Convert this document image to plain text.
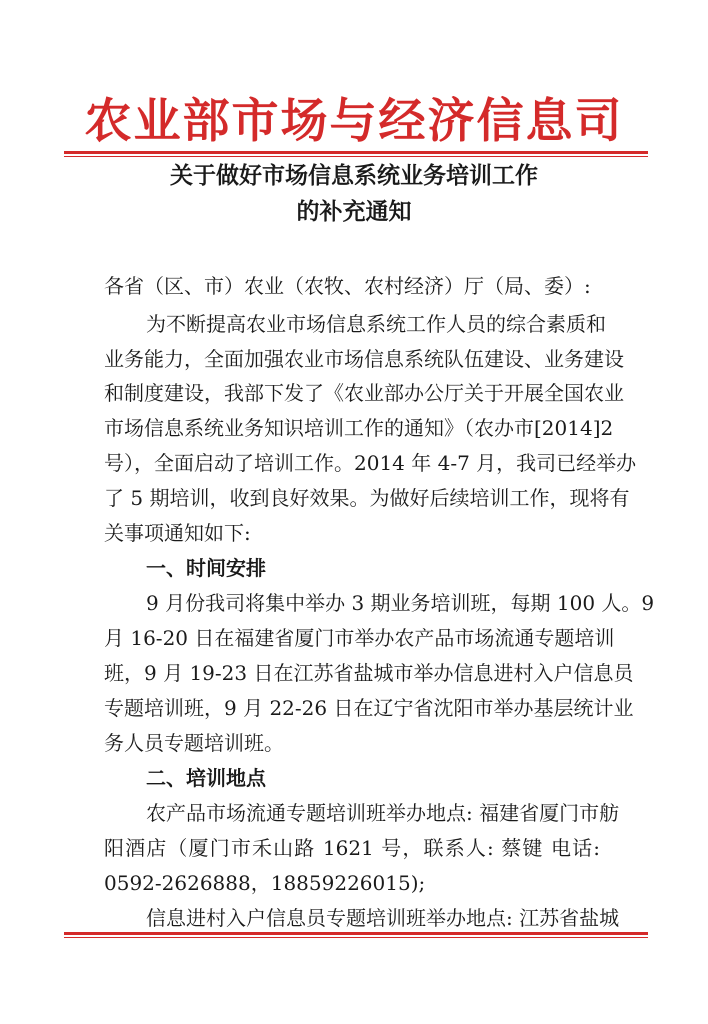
农业部市场与经济信息司
关于做好市场信息系统业务培训工作
的补充通知
各省（区、市）农业（农牧、农村经济）厅（局、委）:
为不断提高农业市场信息系统工作人员的综合素质和
业务能力，全面加强农业市场信息系统队伍建设、业务建设
和制度建设，我部下发了《农业部办公厅关于开展全国农业
市场信息系统业务知识培训工作的通知》（农办市[2014]2
号），全面启动了培训工作。2014 年 4-7 月，我司已经举办
了 5 期培训，收到良好效果。为做好后续培训工作，现将有
关事项通知如下:
一、时间安排
9 月份我司将集中举办 3 期业务培训班，每期 100 人。9
月 16-20 日在福建省厦门市举办农产品市场流通专题培训
班，9 月 19-23 日在江苏省盐城市举办信息进村入户信息员
专题培训班，9 月 22-26 日在辽宁省沈阳市举办基层统计业
务人员专题培训班。
二、培训地点
农产品市场流通专题培训班举办地点: 福建省厦门市舫
阳酒店（厦门市禾山路 1621 号，联系人: 蔡键 电话:
0592-2626888，18859226015);
信息进村入户信息员专题培训班举办地点: 江苏省盐城
